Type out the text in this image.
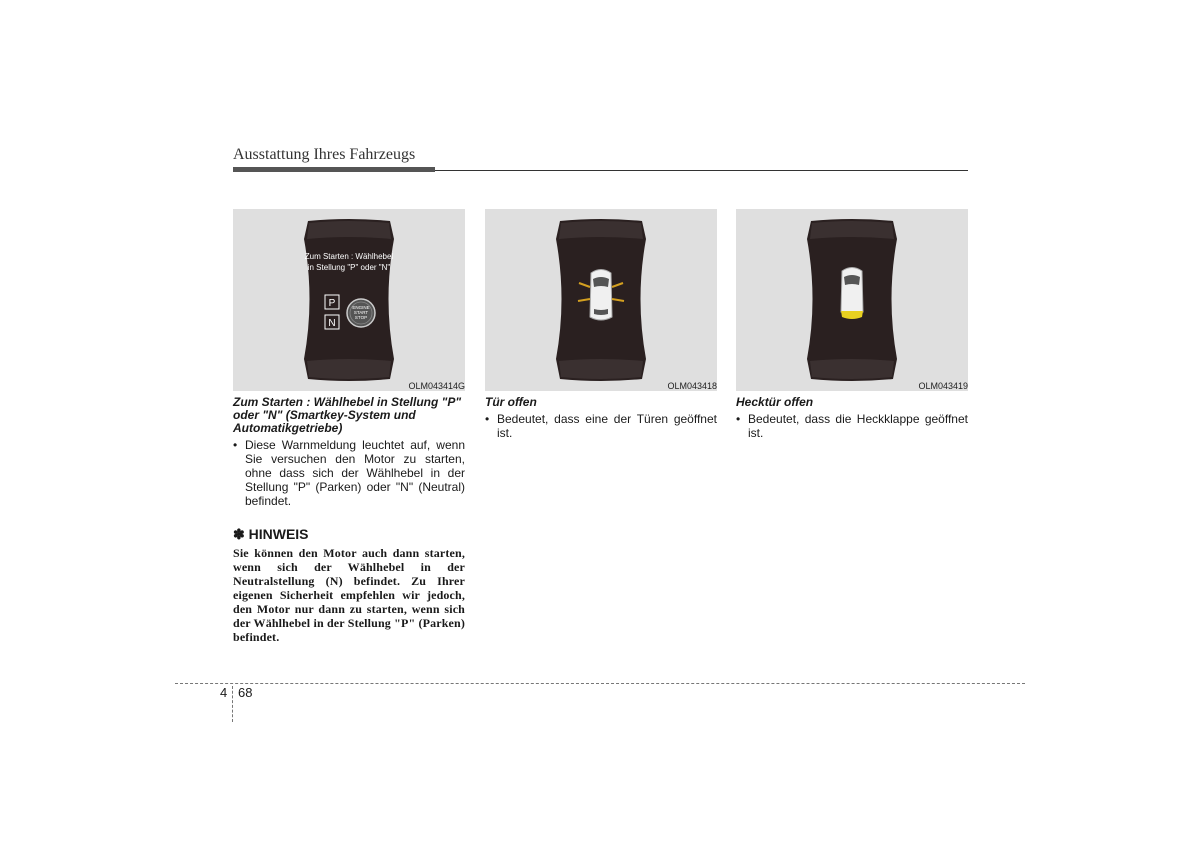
Ausstattung Ihres Fahrzeugs
Zum Starten : Wählhebel
in Stellung "P" oder "N"
P
N
ENGINE
START
STOP
OLM043414G
Zum Starten : Wählhebel in Stellung "P" oder "N" (Smartkey-System und Automatikgetriebe)
• Diese Warnmeldung leuchtet auf, wenn Sie versuchen den Motor zu starten, ohne dass sich der Wählhebel in der Stellung "P" (Parken) oder "N" (Neutral) befindet.
✽ HINWEIS
Sie können den Motor auch dann starten, wenn sich der Wählhebel in der Neutralstellung (N) befindet. Zu Ihrer eigenen Sicherheit empfehlen wir jedoch, den Motor nur dann zu starten, wenn sich der Wählhebel in der Stellung "P" (Parken) befindet.
OLM043418
Tür offen
• Bedeutet, dass eine der Türen geöffnet ist.
OLM043419
Hecktür offen
• Bedeutet, dass die Heckklappe geöffnet ist.
4 68
